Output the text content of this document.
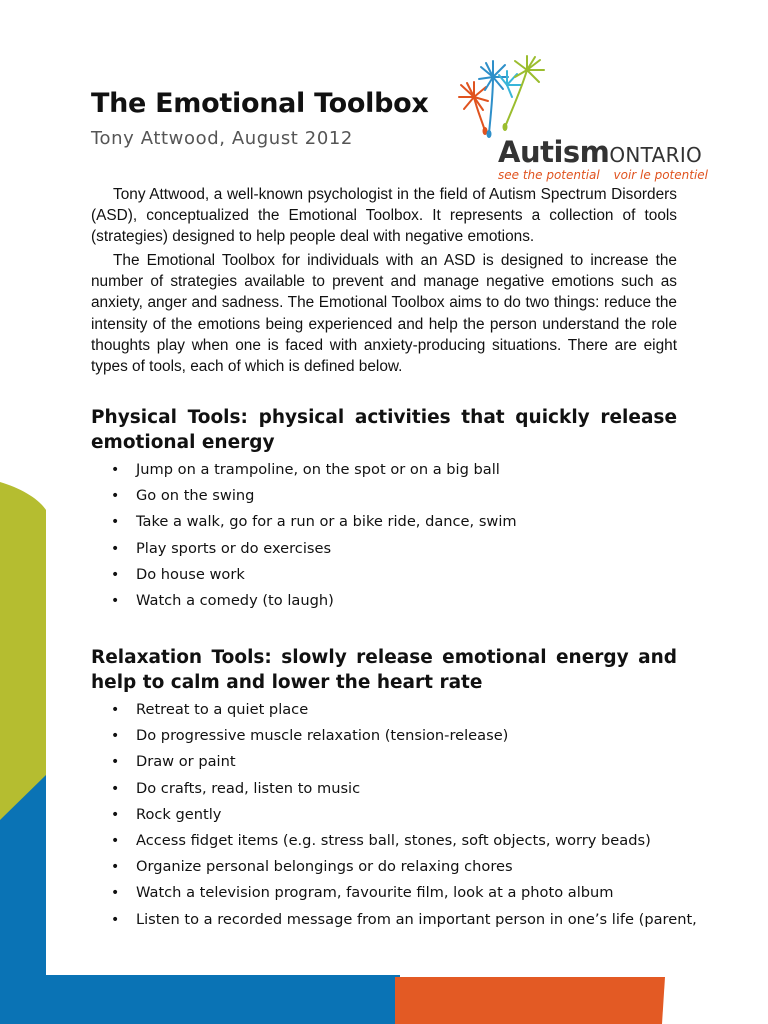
The Emotional Toolbox

Tony Attwood, August 2012	AutismONTARIO
see the potential voir le potentiel

Tony Attwood, a well-known psychologist in the field of Autism Spectrum Disorders (ASD), conceptualized the Emotional Toolbox. It represents a collection of tools (strategies) designed to help people deal with negative emotions.

The Emotional Toolbox for individuals with an ASD is designed to increase the number of strategies available to prevent and manage negative emotions such as anxiety, anger and sadness. The Emotional Toolbox aims to do two things: reduce the intensity of the emotions being experienced and help the person understand the role thoughts play when one is faced with anxiety-producing situations. There are eight types of tools, each of which is defined below.

Physical Tools: physical activities that quickly release emotional energy
• Jump on a trampoline, on the spot or on a big ball
• Go on the swing
• Take a walk, go for a run or a bike ride, dance, swim
• Play sports or do exercises
• Do house work
• Watch a comedy (to laugh)
Relaxation Tools: slowly release emotional energy and help to calm and lower the heart rate
• Retreat to a quiet place
• Do progressive muscle relaxation (tension-release)
• Draw or paint
• Do crafts, read, listen to music
• Rock gently
• Access fidget items (e.g. stress ball, stones, soft objects, worry beads)
• Organize personal belongings or do relaxing chores
• Watch a television program, favourite film, look at a photo album
• Listen to a recorded message from an important person in one’s life (parent,
